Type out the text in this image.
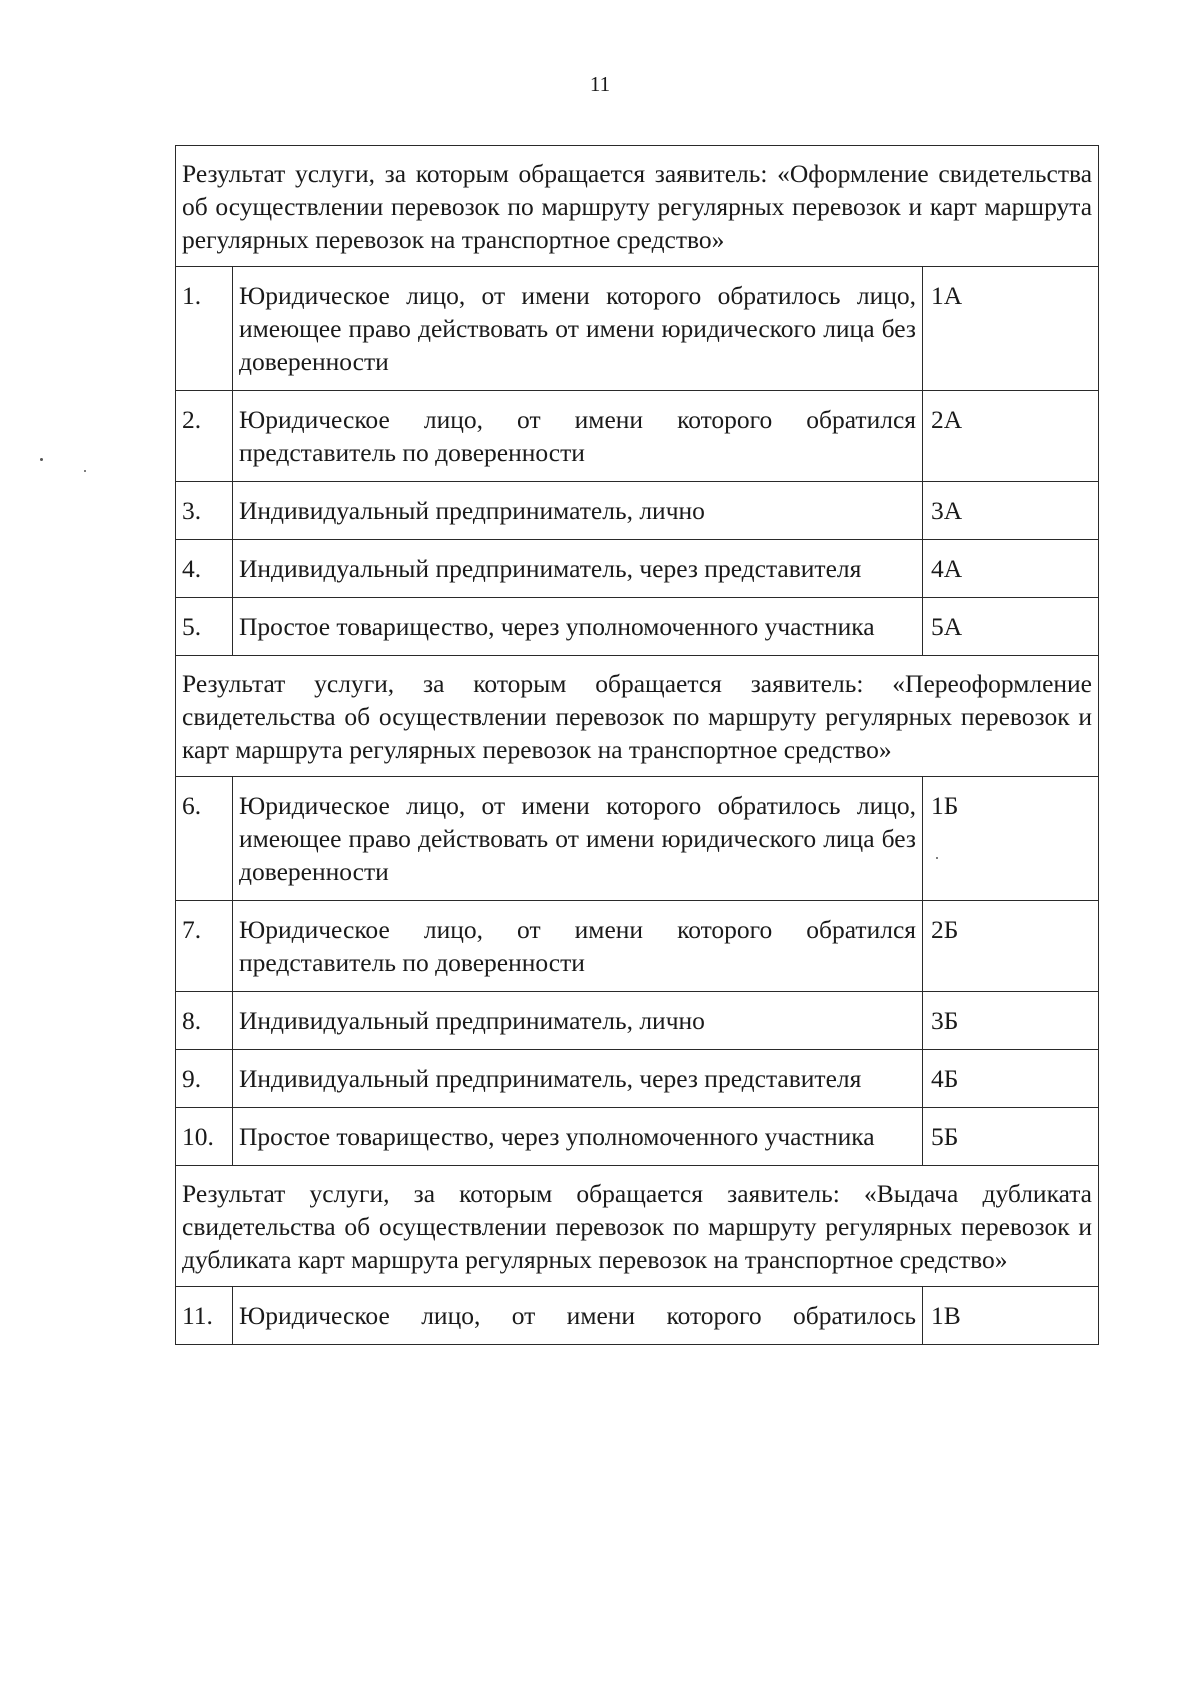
11
Результат услуги, за которым обращается заявитель: «Оформление свидетельства об осуществлении перевозок по маршруту регулярных перевозок и карт маршрута регулярных перевозок на транспортное средство»		
1.	Юридическое лицо, от имени которого обратилось лицо, имеющее право действовать от имени юридического лица без доверенности	1А
2.	Юридическое лицо, от имени которого обратился представитель по доверенности	2А
3.	Индивидуальный предприниматель, лично	3А
4.	Индивидуальный предприниматель, через представителя	4А
5.	Простое товарищество, через уполномоченного участника	5А
Результат услуги, за которым обращается заявитель: «Переоформление свидетельства об осуществлении перевозок по маршруту регулярных перевозок и карт маршрута регулярных перевозок на транспортное средство»		
6.	Юридическое лицо, от имени которого обратилось лицо, имеющее право действовать от имени юридического лица без доверенности	1Б
7.	Юридическое лицо, от имени которого обратился представитель по доверенности	2Б
8.	Индивидуальный предприниматель, лично	3Б
9.	Индивидуальный предприниматель, через представителя	4Б
10.	Простое товарищество, через уполномоченного участника	5Б
Результат услуги, за которым обращается заявитель: «Выдача дубликата свидетельства об осуществлении перевозок по маршруту регулярных перевозок и дубликата карт маршрута регулярных перевозок на транспортное средство»		
11.	Юридическое лицо, от имени которого обратилось	1В
